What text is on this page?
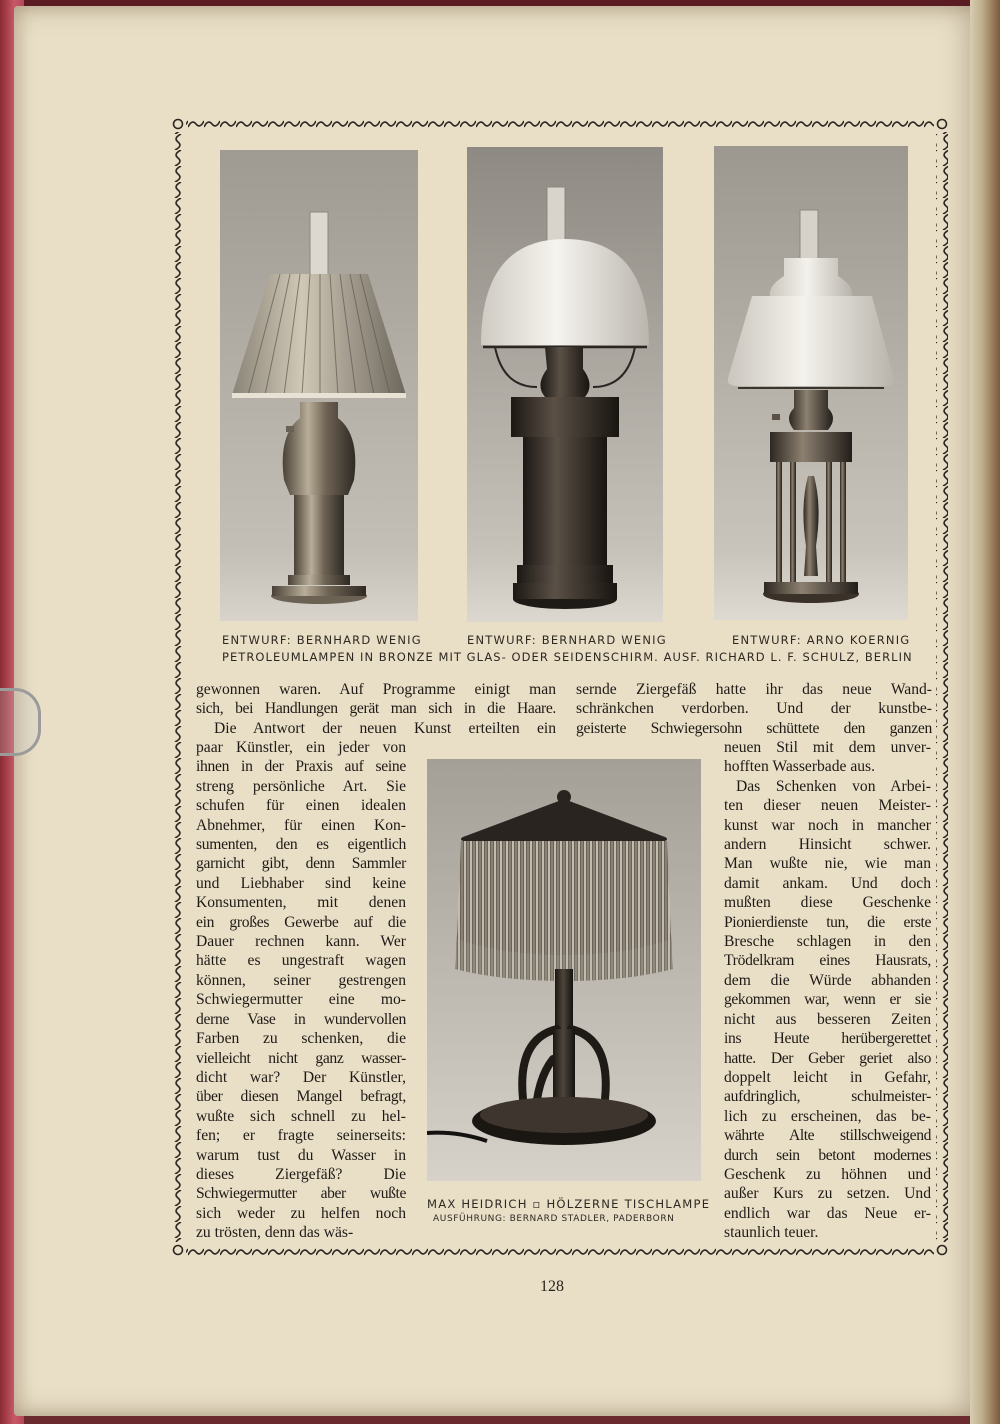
ENTWURF: BERNHARD WENIG	ENTWURF: BERNHARD WENIG	ENTWURF: ARNO KOERNIG
PETROLEUMLAMPEN IN BRONZE MIT GLAS- ODER SEIDENSCHIRM. AUSF. RICHARD L. F. SCHULZ, BERLIN
MAX HEIDRICH ▫ HÖLZERNE TISCHLAMPE
AUSFÜHRUNG: BERNARD STADLER, PADERBORN
gewonnen waren. Auf Programme einigt man
sich, bei Handlungen gerät man sich in die Haare.
Die Antwort der neuen Kunst erteilten ein
paar Künstler, ein jeder von
ihnen in der Praxis auf seine
streng persönliche Art. Sie
schufen für einen idealen
Abnehmer, für einen Kon-
sumenten, den es eigentlich
garnicht gibt, denn Sammler
und Liebhaber sind keine
Konsumenten, mit denen
ein großes Gewerbe auf die
Dauer rechnen kann. Wer
hätte es ungestraft wagen
können, seiner gestrengen
Schwiegermutter eine mo-
derne Vase in wundervollen
Farben zu schenken, die
vielleicht nicht ganz wasser-
dicht war? Der Künstler,
über diesen Mangel befragt,
wußte sich schnell zu hel-
fen; er fragte seinerseits:
warum tust du Wasser in
dieses Ziergefäß? Die
Schwiegermutter aber wußte
sich weder zu helfen noch
zu trösten, denn das wäs-
sernde Ziergefäß hatte ihr das neue Wand-
schränkchen verdorben. Und der kunstbe-
geisterte Schwiegersohn schüttete den ganzen
neuen Stil mit dem unver-
hofften Wasserbade aus.
Das Schenken von Arbei-
ten dieser neuen Meister-
kunst war noch in mancher
andern Hinsicht schwer.
Man wußte nie, wie man
damit ankam. Und doch
mußten diese Geschenke
Pionierdienste tun, die erste
Bresche schlagen in den
Trödelkram eines Hausrats,
dem die Würde abhanden
gekommen war, wenn er sie
nicht aus besseren Zeiten
ins Heute herübergerettet
hatte. Der Geber geriet also
doppelt leicht in Gefahr,
aufdringlich, schulmeister-
lich zu erscheinen, das be-
währte Alte stillschweigend
durch sein betont modernes
Geschenk zu höhnen und
außer Kurs zu setzen. Und
endlich war das Neue er-
staunlich teuer.
128
